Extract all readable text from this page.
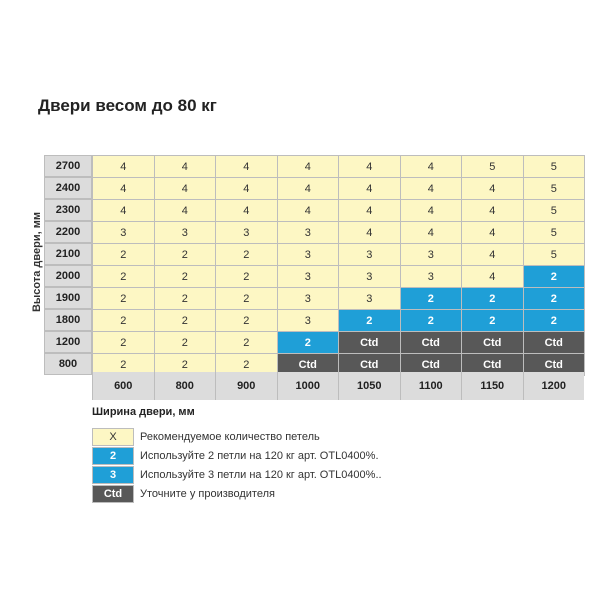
Двери весом до 80 кг
Высота двери, мм
2700	4	4	4	4	4	4	5	5
2400	4	4	4	4	4	4	4	5
2300	4	4	4	4	4	4	4	5
2200	3	3	3	3	4	4	4	5
2100	2	2	2	3	3	3	4	5
2000	2	2	2	3	3	3	4	2
1900	2	2	2	3	3	2	2	2
1800	2	2	2	3	2	2	2	2
1200	2	2	2	2	Ctd	Ctd	Ctd	Ctd
800	2	2	2	Ctd	Ctd	Ctd	Ctd	Ctd
600	800	900	1000	1050	1100	1150	1200
Ширина двери, мм
X	Рекомендуемое количество петель
2	Используйте 2 петли на 120 кг арт. OTL0400%.
3	Используйте 3 петли на 120 кг арт. OTL0400%..
Ctd	Уточните у производителя
